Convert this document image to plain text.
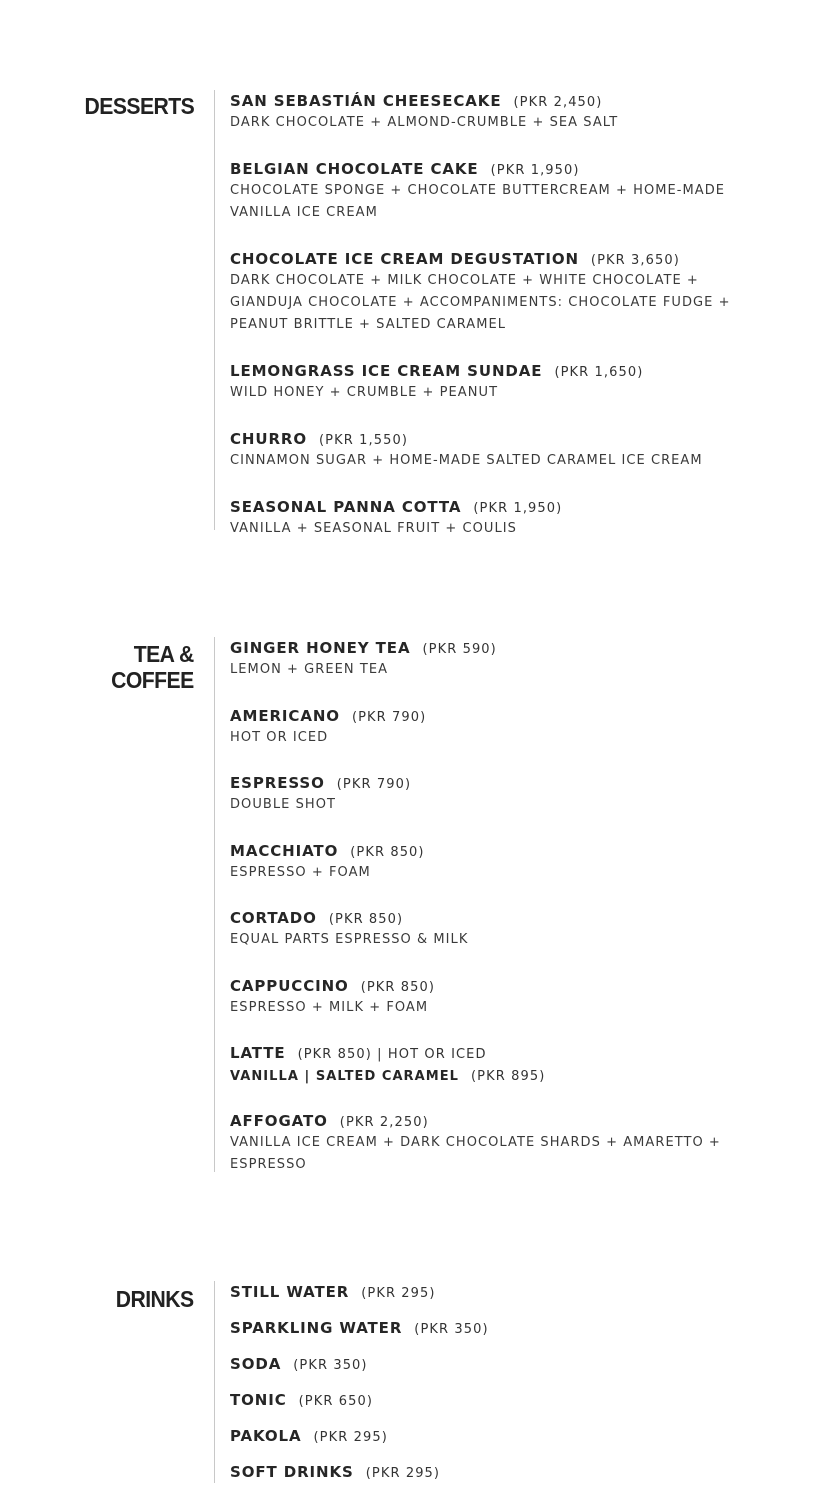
DESSERTS SAN SEBASTIÁN CHEESECAKE (PKR 2,450)
DARK CHOCOLATE + ALMOND-CRUMBLE + SEA SALT
BELGIAN CHOCOLATE CAKE (PKR 1,950)
CHOCOLATE SPONGE + CHOCOLATE BUTTERCREAM + HOME-MADE VANILLA ICE CREAM
CHOCOLATE ICE CREAM DEGUSTATION (PKR 3,650)
DARK CHOCOLATE + MILK CHOCOLATE + WHITE CHOCOLATE + GIANDUJA CHOCOLATE + ACCOMPANIMENTS: CHOCOLATE FUDGE + PEANUT BRITTLE + SALTED CARAMEL
LEMONGRASS ICE CREAM SUNDAE (PKR 1,650)
WILD HONEY + CRUMBLE + PEANUT
CHURRO (PKR 1,550)
CINNAMON SUGAR + HOME-MADE SALTED CARAMEL ICE CREAM
SEASONAL PANNA COTTA (PKR 1,950)
VANILLA + SEASONAL FRUIT + COULIS
TEA &
COFFEE
GINGER HONEY TEA (PKR 590)
LEMON + GREEN TEA
AMERICANO (PKR 790)
HOT OR ICED
ESPRESSO (PKR 790)
DOUBLE SHOT
MACCHIATO (PKR 850)
ESPRESSO + FOAM
CORTADO (PKR 850)
EQUAL PARTS ESPRESSO & MILK
CAPPUCCINO (PKR 850)
ESPRESSO + MILK + FOAM
LATTE (PKR 850) | HOT OR ICED
VANILLA | SALTED CARAMEL (PKR 895)
AFFOGATO (PKR 2,250)
VANILLA ICE CREAM + DARK CHOCOLATE SHARDS + AMARETTO + ESPRESSO
DRINKS STILL WATER (PKR 295)
SPARKLING WATER (PKR 350)
SODA (PKR 350)
TONIC (PKR 650)
PAKOLA (PKR 295)
SOFT DRINKS (PKR 295)
